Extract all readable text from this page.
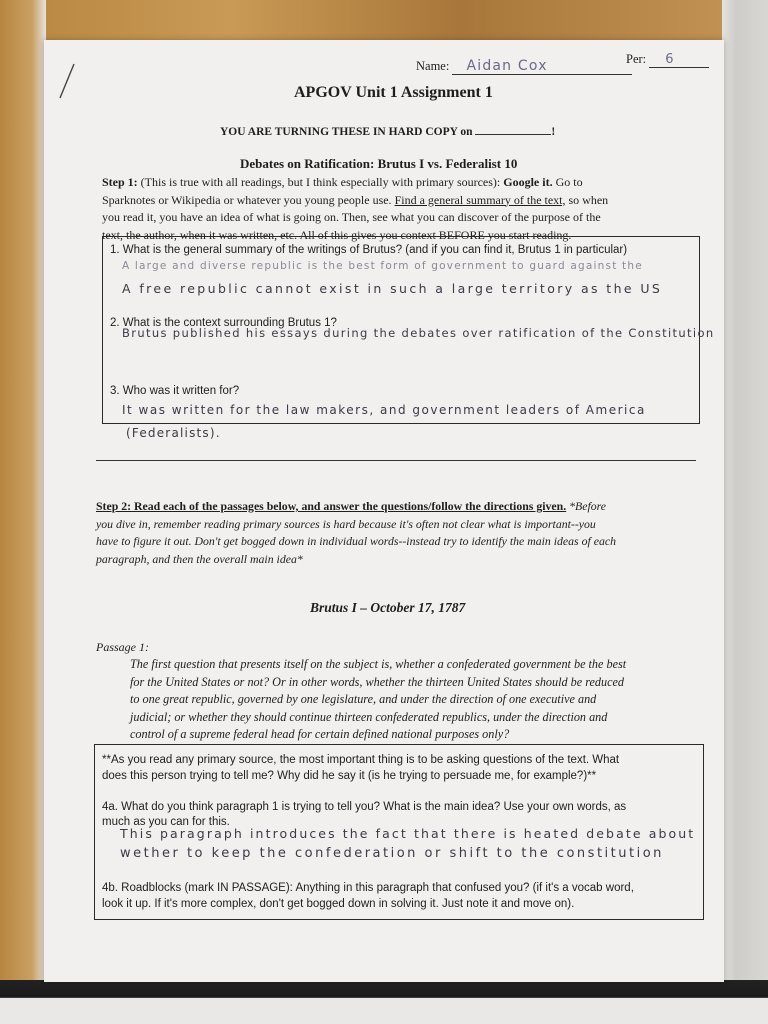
Name: Aidan Cox	Per: 6
APGOV Unit 1 Assignment 1
YOU ARE TURNING THESE IN HARD COPY on	!
Debates on Ratification: Brutus I vs. Federalist 10
Step 1: (This is true with all readings, but I think especially with primary sources): Google it. Go to
Sparknotes or Wikipedia or whatever you young people use. Find a general summary of the text, so when
you read it, you have an idea of what is going on. Then, see what you can discover of the purpose of the
text, the author, when it was written, etc. All of this gives you context BEFORE you start reading.
1. What is the general summary of the writings of Brutus? (and if you can find it, Brutus 1 in particular)
A large and diverse republic is the best form of government to guard against the
A free republic cannot exist in such a large territory as the US
2. What is the context surrounding Brutus 1?
Brutus published his essays during the debates over ratification of the Constitution
3. Who was it written for?
It was written for the law makers, and government leaders of America
(Federalists).
Step 2: Read each of the passages below, and answer the questions/follow the directions given. *Before
you dive in, remember reading primary sources is hard because it's often not clear what is important--you
have to figure it out. Don't get bogged down in individual words--instead try to identify the main ideas of each
paragraph, and then the overall main idea*
Brutus I – October 17, 1787
Passage 1:
The first question that presents itself on the subject is, whether a confederated government be the best
for the United States or not? Or in other words, whether the thirteen United States should be reduced
to one great republic, governed by one legislature, and under the direction of one executive and
judicial; or whether they should continue thirteen confederated republics, under the direction and
control of a supreme federal head for certain defined national purposes only?
**As you read any primary source, the most important thing is to be asking questions of the text. What
does this person trying to tell me? Why did he say it (is he trying to persuade me, for example?)**
4a. What do you think paragraph 1 is trying to tell you? What is the main idea? Use your own words, as
much as you can for this.
This paragraph introduces the fact that there is heated debate about
wether to keep the confederation or shift to the constitution
4b. Roadblocks (mark IN PASSAGE): Anything in this paragraph that confused you? (if it's a vocab word,
look it up. If it's more complex, don't get bogged down in solving it. Just note it and move on).
